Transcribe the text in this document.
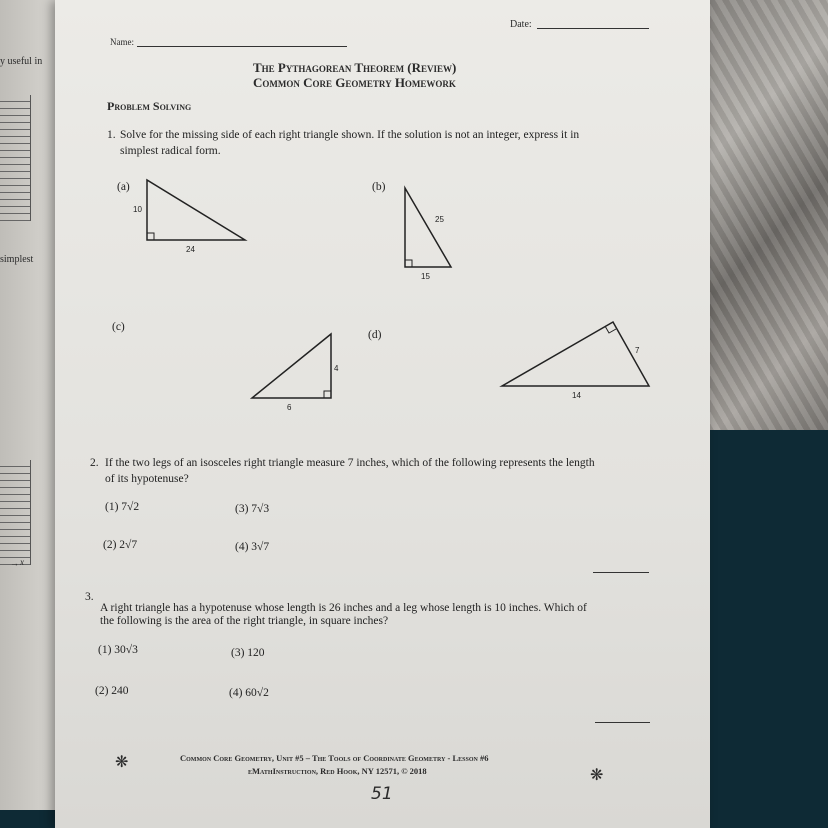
y useful in
simplest
→ x
Name:
Date:
The Pythagorean Theorem (Review)
Common Core Geometry Homework
Problem Solving
1. Solve for the missing side of each right triangle shown. If the solution is not an integer, express it in
simplest radical form.
(a)	(b)
(c)
(d)
10
24
25
15
4
6
7
14
2. If the two legs of an isosceles right triangle measure 7 inches, which of the following represents the length
of its hypotenuse?
(1) 7√2	(3) 7√3
(2) 2√7	(4) 3√7
3.
A right triangle has a hypotenuse whose length is 26 inches and a leg whose length is 10 inches. Which of
the following is the area of the right triangle, in square inches?
(1) 30√3	(3) 120
(2) 240	(4) 60√2
❋
❋
Common Core Geometry, Unit #5 – The Tools of Coordinate Geometry - Lesson #6
eMathInstruction, Red Hook, NY 12571, © 2018
51
